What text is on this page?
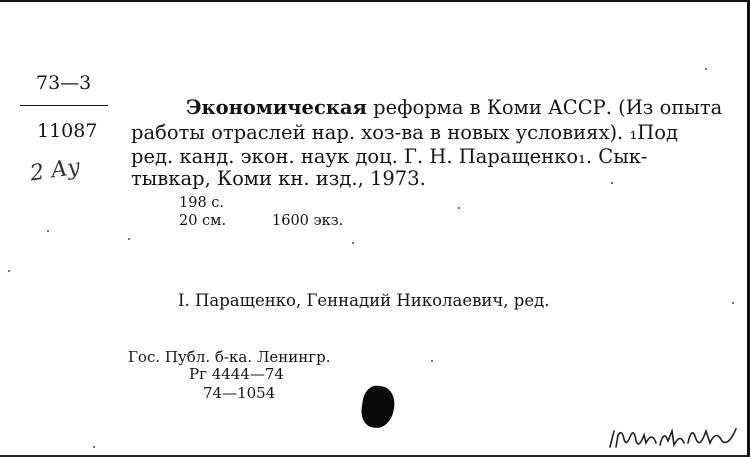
73—3
11087
2 Ау
Экономическая реформа в Коми АССР. (Из опыта
работы отраслей нар. хоз-ва в новых условиях). ₁Под
ред. канд. экон. наук доц. Г. Н. Паращенко₁. Сык-
тывкар, Коми кн. изд., 1973.
198 с.
20 см.	1600 экз.
I. Паращенко, Геннадий Николаевич, ред.
Гос. Публ. б-ка. Ленингр.
Рг 4444—74
74—1054
